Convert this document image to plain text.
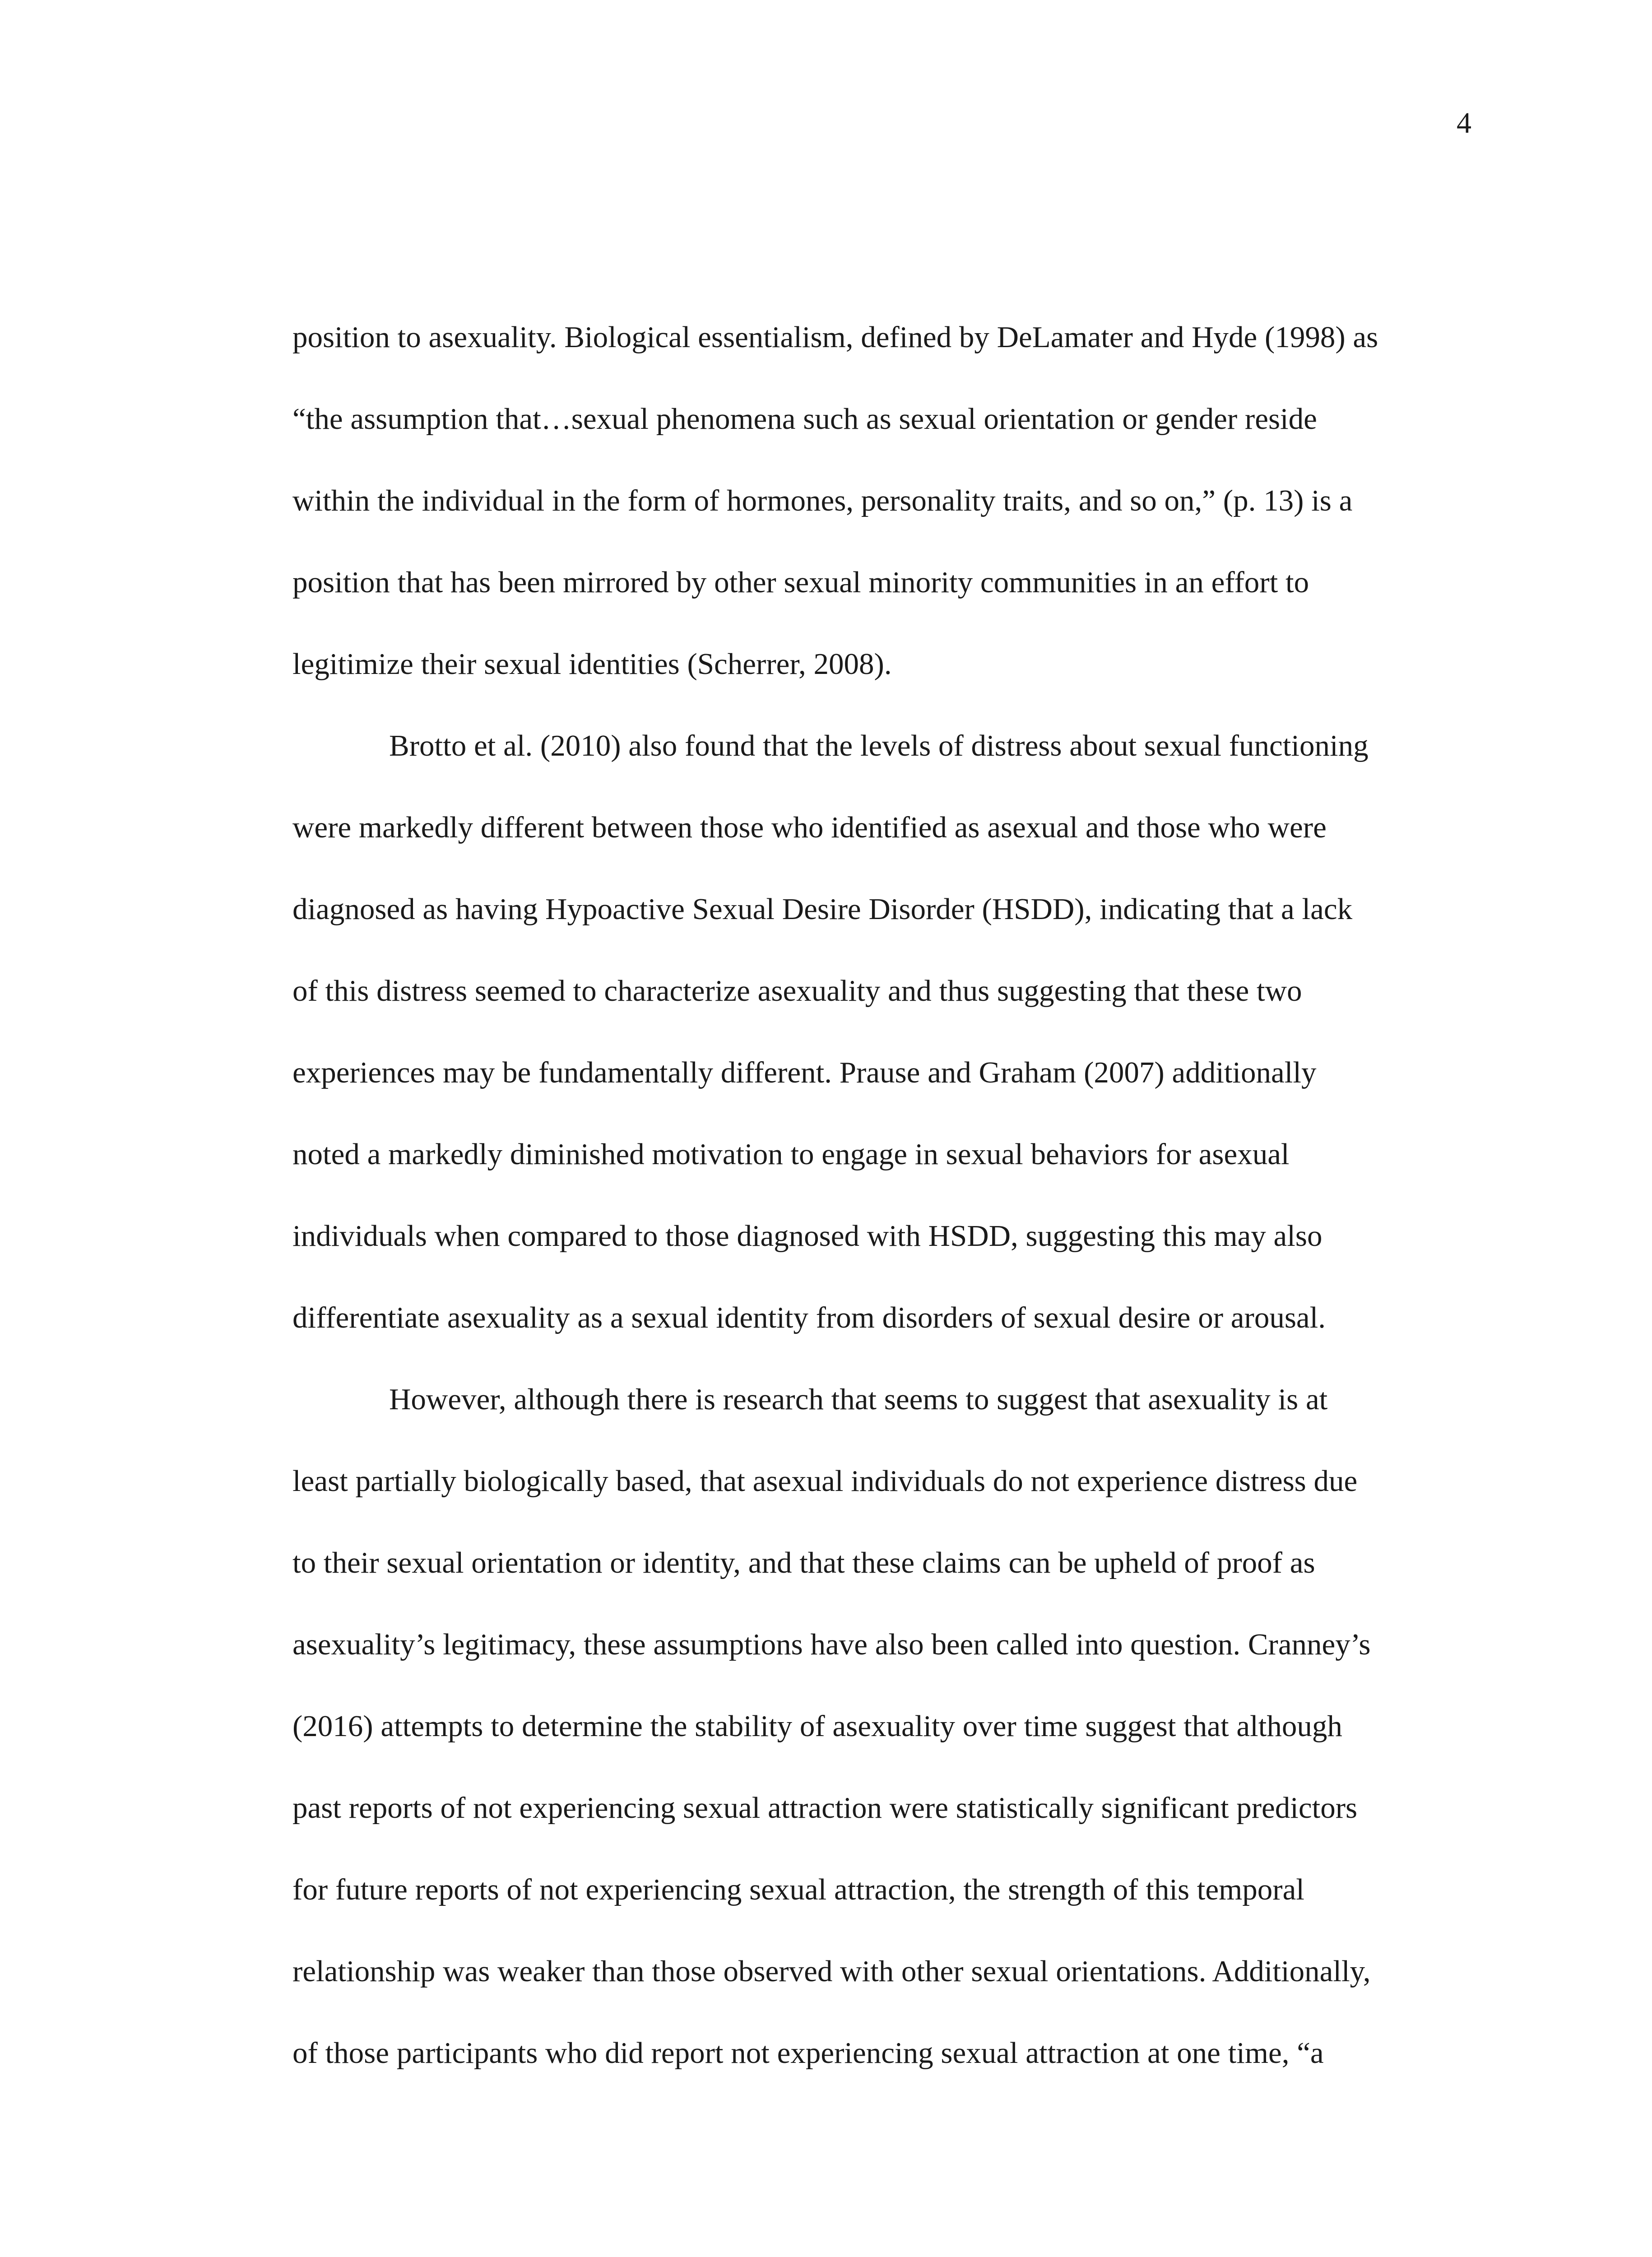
4
position to asexuality. Biological essentialism, defined by DeLamater and Hyde (1998) as
“the assumption that…sexual phenomena such as sexual orientation or gender reside
within the individual in the form of hormones, personality traits, and so on,” (p. 13) is a
position that has been mirrored by other sexual minority communities in an effort to
legitimize their sexual identities (Scherrer, 2008).
Brotto et al. (2010) also found that the levels of distress about sexual functioning
were markedly different between those who identified as asexual and those who were
diagnosed as having Hypoactive Sexual Desire Disorder (HSDD), indicating that a lack
of this distress seemed to characterize asexuality and thus suggesting that these two
experiences may be fundamentally different. Prause and Graham (2007) additionally
noted a markedly diminished motivation to engage in sexual behaviors for asexual
individuals when compared to those diagnosed with HSDD, suggesting this may also
differentiate asexuality as a sexual identity from disorders of sexual desire or arousal.
However, although there is research that seems to suggest that asexuality is at
least partially biologically based, that asexual individuals do not experience distress due
to their sexual orientation or identity, and that these claims can be upheld of proof as
asexuality’s legitimacy, these assumptions have also been called into question. Cranney’s
(2016) attempts to determine the stability of asexuality over time suggest that although
past reports of not experiencing sexual attraction were statistically significant predictors
for future reports of not experiencing sexual attraction, the strength of this temporal
relationship was weaker than those observed with other sexual orientations. Additionally,
of those participants who did report not experiencing sexual attraction at one time, “a
